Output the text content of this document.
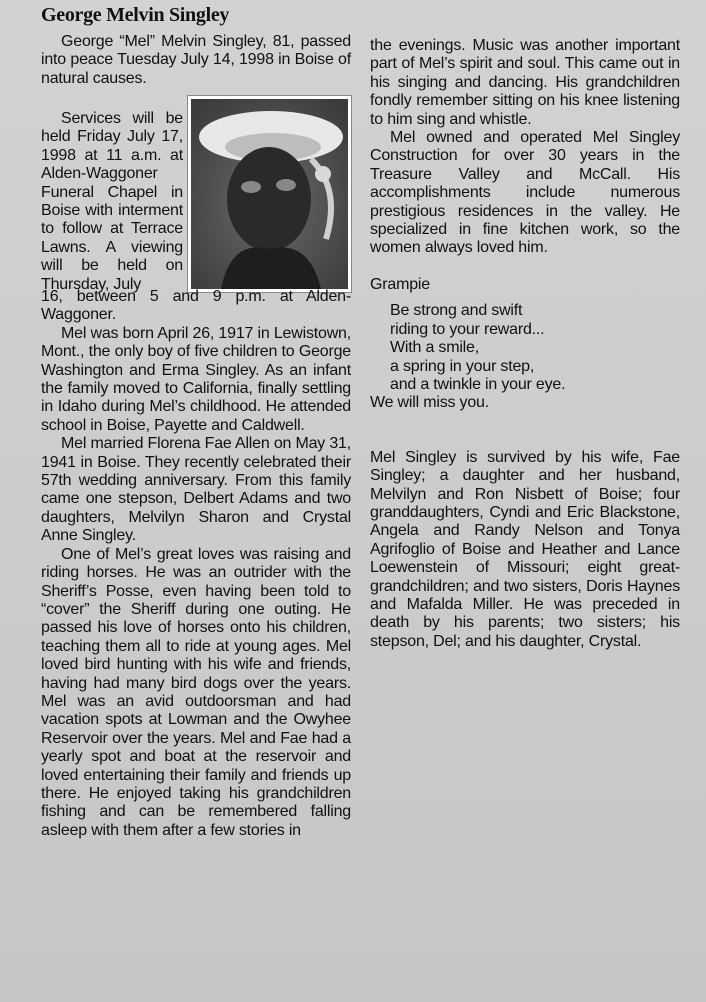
George Melvin Singley

George “Mel” Melvin Singley, 81, passed into peace Tuesday July 14, 1998 in Boise of natural causes.

Services will be held Friday July 17, 1998 at 11 a.m. at Alden-Waggoner Funeral Chapel in Boise with interment to follow at Terrace Lawns. A viewing will be held on Thursday, July

16, between 5 and 9 p.m. at Alden-Waggoner.

Mel was born April 26, 1917 in Lewistown, Mont., the only boy of five children to George Washington and Erma Singley. As an infant the family moved to California, finally settling in Idaho during Mel’s childhood. He attended school in Boise, Payette and Caldwell.

Mel married Florena Fae Allen on May 31, 1941 in Boise. They recently celebrated their 57th wedding anniversary. From this family came one stepson, Delbert Adams and two daughters, Melvilyn Sharon and Crystal Anne Singley.

One of Mel’s great loves was raising and riding horses. He was an outrider with the Sheriff’s Posse, even having been told to “cover” the Sheriff during one outing. He passed his love of horses onto his children, teaching them all to ride at young ages. Mel loved bird hunting with his wife and friends, having had many bird dogs over the years. Mel was an avid outdoorsman and had vacation spots at Lowman and the Owyhee Reservoir over the years. Mel and Fae had a yearly spot and boat at the reservoir and loved entertaining their family and friends up there. He enjoyed taking his grandchildren fishing and can be remembered falling asleep with them after a few stories in

the evenings. Music was another important part of Mel’s spirit and soul. This came out in his singing and dancing. His grandchildren fondly remember sitting on his knee listening to him sing and whistle.

Mel owned and operated Mel Singley Construction for over 30 years in the Treasure Valley and McCall. His accomplishments include numerous prestigious residences in the valley. He specialized in fine kitchen work, so the women always loved him.

Grampie

Be strong and swift

riding to your reward...

With a smile,

a spring in your step,

and a twinkle in your eye.

We will miss you.

Mel Singley is survived by his wife, Fae Singley; a daughter and her husband, Melvilyn and Ron Nisbett of Boise; four granddaughters, Cyndi and Eric Blackstone, Angela and Randy Nelson and Tonya Agrifoglio of Boise and Heather and Lance Loewenstein of Missouri; eight great-grandchildren; and two sisters, Doris Haynes and Mafalda Miller. He was preceded in death by his parents; two sisters; his stepson, Del; and his daughter, Crystal.
